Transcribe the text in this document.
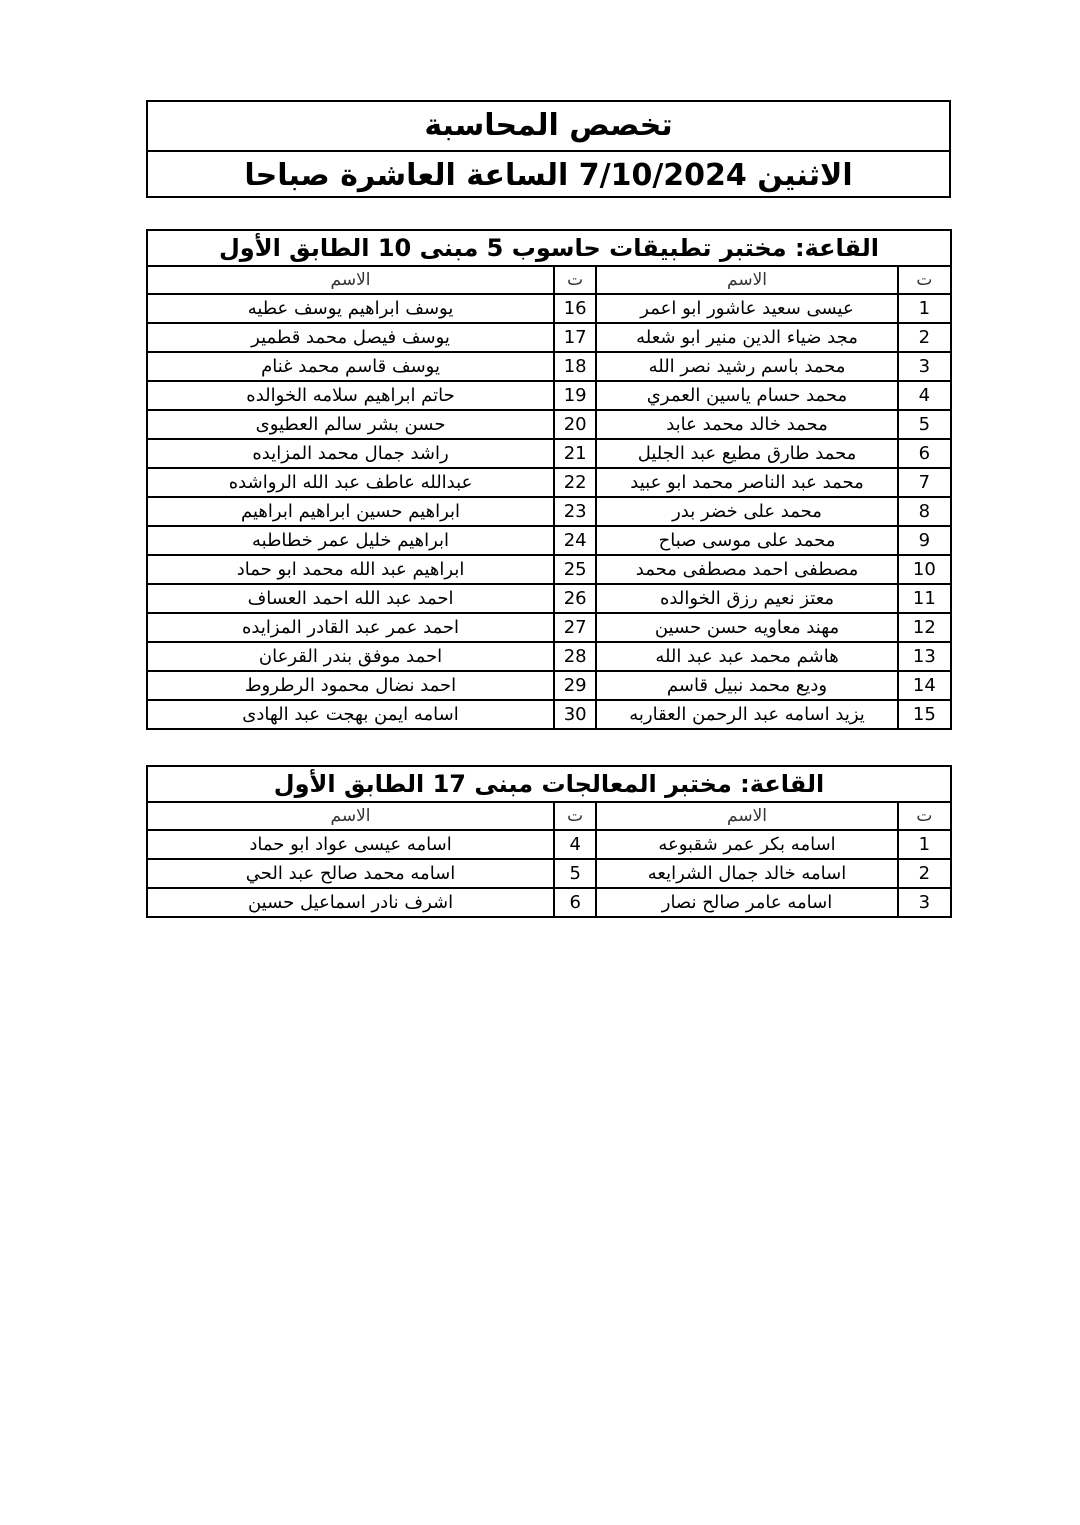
تخصص المحاسبة
الاثنين 7/10/2024 الساعة العاشرة صباحا
القاعة: مختبر تطبيقات حاسوب 5 مبنى 10 الطابق الأول			
ت	الاسم	ت	الاسم
1	عيسى سعيد عاشور ابو اعمر	16	يوسف ابراهيم يوسف عطيه
2	مجد ضياء الدين منير ابو شعله	17	يوسف فيصل محمد قطمير
3	محمد باسم رشيد نصر الله	18	يوسف قاسم محمد غنام
4	محمد حسام ياسين العمري	19	حاتم ابراهيم سلامه الخوالده
5	محمد خالد محمد عابد	20	حسن بشر سالم العطيوى
6	محمد طارق مطيع عبد الجليل	21	راشد جمال محمد المزايده
7	محمد عبد الناصر محمد ابو عبيد	22	عبدالله عاطف عبد الله الرواشده
8	محمد على خضر بدر	23	ابراهيم حسين ابراهيم ابراهيم
9	محمد على موسى صباح	24	ابراهيم خليل عمر خطاطبه
10	مصطفى احمد مصطفى محمد	25	ابراهيم عبد الله محمد ابو حماد
11	معتز نعيم رزق الخوالده	26	احمد عبد الله احمد العساف
12	مهند معاويه حسن حسين	27	احمد عمر عبد القادر المزايده
13	هاشم محمد عبد عبد الله	28	احمد موفق بندر القرعان
14	وديع محمد نبيل قاسم	29	احمد نضال محمود الرطروط
15	يزيد اسامه عبد الرحمن العقاربه	30	اسامه ايمن بهجت عبد الهادى
القاعة: مختبر المعالجات مبنى 17 الطابق الأول			
ت	الاسم	ت	الاسم
1	اسامه بكر عمر شقبوعه	4	اسامه عيسى عواد ابو حماد
2	اسامه خالد جمال الشرايعه	5	اسامه محمد صالح عبد الحي
3	اسامه عامر صالح نصار	6	اشرف نادر اسماعيل حسين
